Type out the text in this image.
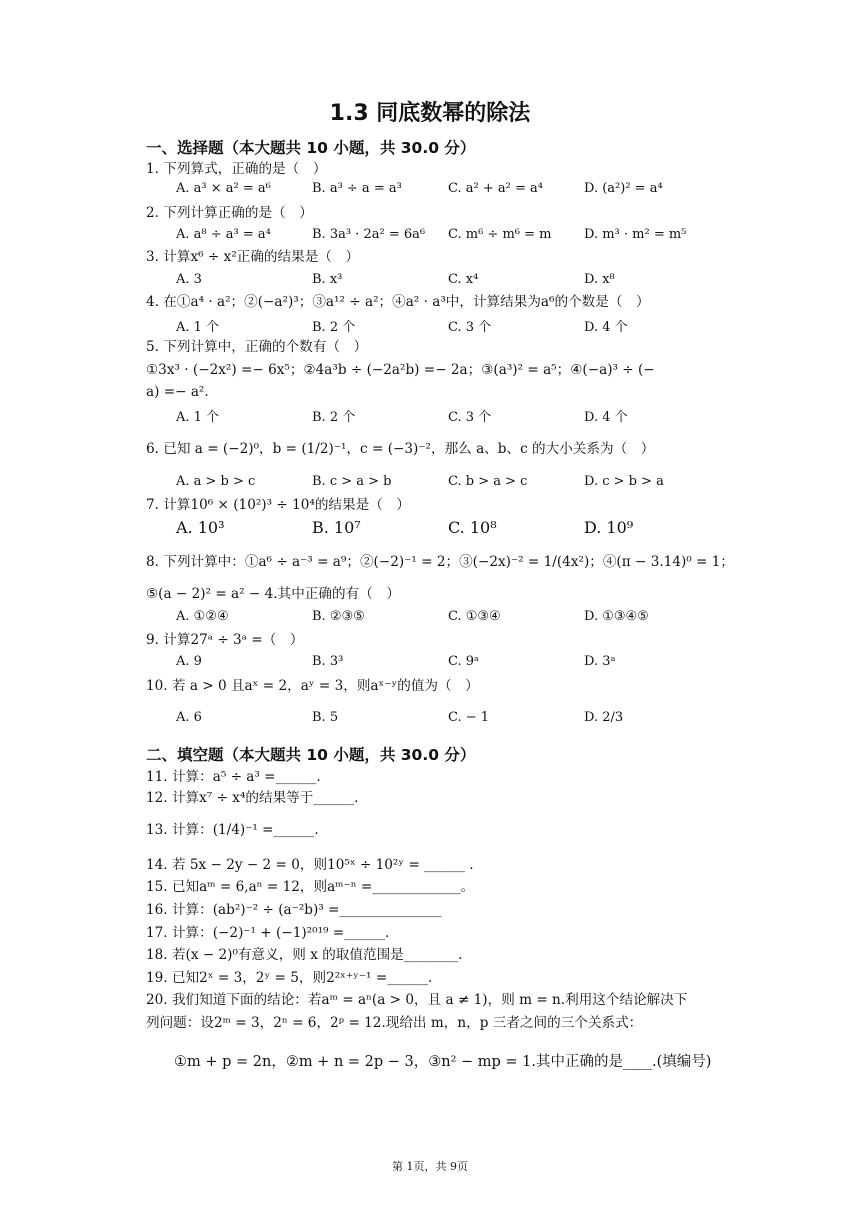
1.3 同底数幂的除法
一、选择题（本大题共 10 小题，共 30.0 分）
1. 下列算式，正确的是（　）
A. a³ × a² = a⁶	B. a³ ÷ a = a³	C. a² + a² = a⁴	D. (a²)² = a⁴
2. 下列计算正确的是（　）
A. a⁸ ÷ a³ = a⁴	B. 3a³ · 2a² = 6a⁶ C. m⁶ ÷ m⁶ = m	D. m³ · m² = m⁵
3. 计算x⁶ ÷ x²正确的结果是（　）
A. 3	B. x³	C. x⁴	D. x⁸
4. 在①a⁴ · a²；②(−a²)³；③a¹² ÷ a²；④a² · a³中，计算结果为a⁶的个数是（　）
A. 1 个	B. 2 个	C. 3 个	D. 4 个
5. 下列计算中，正确的个数有（　）
①3x³ · (−2x²) =− 6x⁵；②4a³b ÷ (−2a²b) =− 2a；③(a³)² = a⁵；④(−a)³ ÷ (−
a) =− a².
A. 1 个	B. 2 个	C. 3 个	D. 4 个
6. 已知 a = (−2)⁰，b = (1/2)⁻¹，c = (−3)⁻²，那么 a、b、c 的大小关系为（　）
A. a > b > c	B. c > a > b	C. b > a > c	D. c > b > a
7. 计算10⁶ × (10²)³ ÷ 10⁴的结果是（　）
A. 10³	B. 10⁷	C. 10⁸	D. 10⁹
8. 下列计算中：①a⁶ ÷ a⁻³ = a⁹；②(−2)⁻¹ = 2；③(−2x)⁻² = 1/(4x²)；④(π − 3.14)⁰ = 1；
⑤(a − 2)² = a² − 4.其中正确的有（　）
A. ①②④	B. ②③⑤	C. ①③④	D. ①③④⑤
9. 计算27ᵃ ÷ 3ᵃ =（　）
A. 9	B. 3³	C. 9ᵃ	D. 3ᵃ
10. 若 a > 0 且aˣ = 2，aʸ = 3，则aˣ⁻ʸ的值为（　）
A. 6	B. 5	C. − 1	D. 2/3
二、填空题（本大题共 10 小题，共 30.0 分）
11. 计算：a⁵ ÷ a³ =______.
12. 计算x⁷ ÷ x⁴的结果等于______.
13. 计算：(1/4)⁻¹ =______.
14. 若 5x − 2y − 2 = 0，则10⁵ˣ ÷ 10²ʸ = ______ .
15. 已知aᵐ = 6,aⁿ = 12，则aᵐ⁻ⁿ =_____________。
16. 计算：(ab²)⁻² ÷ (a⁻²b)³ =_______________
17. 计算：(−2)⁻¹ + (−1)²⁰¹⁹ =______.
18. 若(x − 2)⁰有意义，则 x 的取值范围是________.
19. 已知2ˣ = 3，2ʸ = 5，则2²ˣ⁺ʸ⁻¹ =______.
20. 我们知道下面的结论：若aᵐ = aⁿ(a > 0，且 a ≠ 1)，则 m = n.利用这个结论解决下
列问题：设2ᵐ = 3，2ⁿ = 6，2ᵖ = 12.现给出 m，n，p 三者之间的三个关系式：
①m + p = 2n，②m + n = 2p − 3，③n² − mp = 1.其中正确的是____.(填编号)
第 1页，共 9页
